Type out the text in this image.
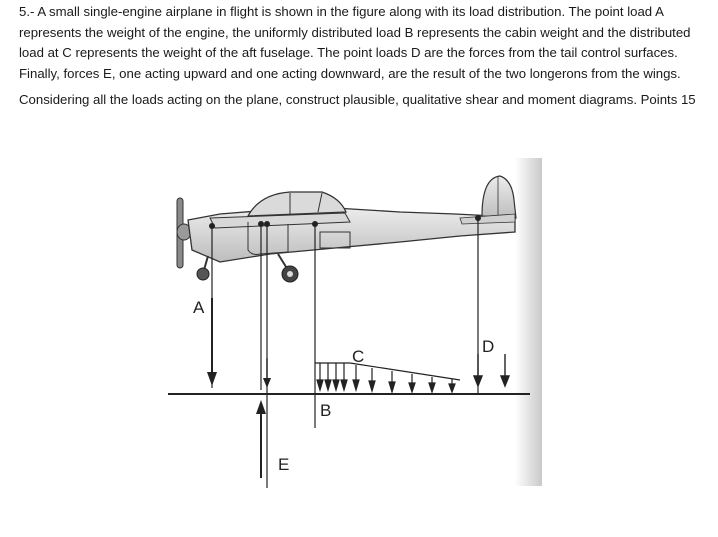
5.- A small single-engine airplane in flight is shown in the figure along with its load distribution. The point load A represents the weight of the engine, the uniformly distributed load B represents the cabin weight and the distributed load at C represents the weight of the aft fuselage. The point loads D are the forces from the tail control surfaces. Finally, forces E, one acting upward and one acting downward, are the result of the two longerons from the wings.

Considering all the loads acting on the plane, construct plausible, qualitative shear and moment diagrams. Points 15

A
E
B
C
D
